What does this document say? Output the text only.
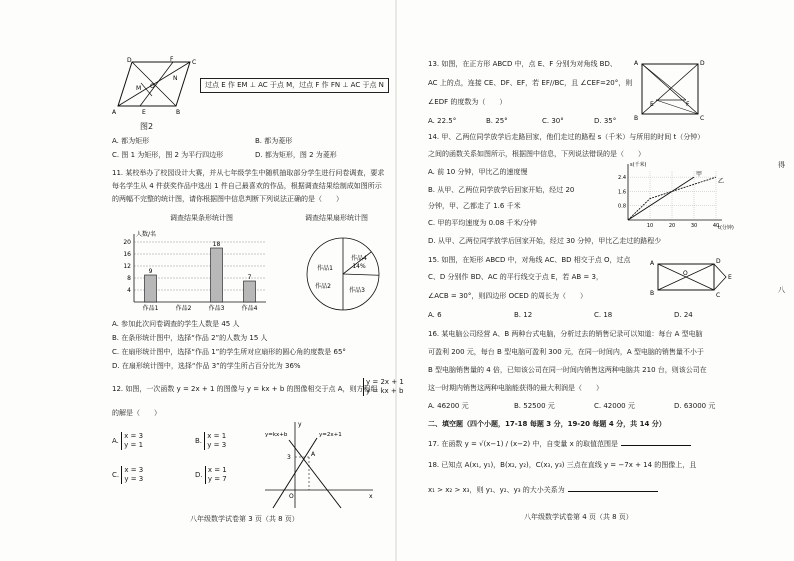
D	F	C
M O
N
A	E	B
过点 E 作 EM ⊥ AC 于点 M，过点 F 作 FN ⊥ AC 于点 N
图2
A. 都为矩形	B. 都为菱形
C. 图 1 为矩形，图 2 为平行四边形	D. 都为矩形，图 2 为菱形
11. 某校举办了校园设计大赛，并从七年级学生中随机抽取部分学生进行问卷调查，要求
每名学生从 4 件获奖作品中选出 1 件自己最喜欢的作品，根据调查结果绘制成如图所示
的两幅不完整的统计图，请你根据图中信息判断下列说法正确的是（　　）
调查结果条形统计图	调查结果扇形统计图
4
8
12
16
20
人数/名
9
作品1	作品2
18
作品3
7
作品4
作品1
作品2
作品3
作品4
14%
A. 参加此次问卷调查的学生人数是 45 人
B. 在条形统计图中，选择“作品 2”的人数为 15 人
C. 在扇形统计图中，选择“作品 1”的学生所对应扇形的圆心角的度数是 65°
D. 在扇形统计图中，选择“作品 3”的学生所占百分比为 36%
12. 如图，一次函数 y = 2x + 1 的图像与 y = kx + b 的图像相交于点 A，则方程组
y = 2x + 1
y = kx + b
的解是（　　）
A.
x = 3
y = 1	B.
x = 1
y = 3
C.
x = 3
y = 3	D.
x = 1
y = 7
y=kx+b	y=2x+1
3	A
O	x
y
八年级数学试卷第 3 页（共 8 页）
13. 如图，在正方形 ABCD 中，点 E、F 分别为对角线 BD、
AC 上的点，连接 CE、DF、EF，若 EF//BC，且 ∠CEF=20°，则
∠EDF 的度数为（　　）
A. 22.5°	B. 25°	C. 30°	D. 35°
A	D
B	C
E	F
14. 甲、乙两位同学放学后走路回家，他们走过的路程 s（千米）与所用的时间 t（分钟）
之间的函数关系如图所示，根据图中信息，下列说法错误的是（　　）
A. 前 10 分钟，甲比乙的速度慢
B. 从甲、乙两位同学放学后回家开始，经过 20
分钟，甲、乙都走了 1.6 千米
C. 甲的平均速度为 0.08 千米/分钟
D. 从甲、乙两位同学放学后回家开始，经过 30 分钟，甲比乙走过的路程少
s(千米)
t(分钟)
10	20	30	40
0.8
1.6
2.4	甲
乙
15. 如图，在矩形 ABCD 中，对角线 AC、BD 相交于点 O，过点
C、D 分别作 BD、AC 的平行线交于点 E，若 AB = 3，
∠ACB = 30°，则四边形 OCED 的周长为（　　）
A. 6	B. 12	C. 18	D. 24
A	D
B	C
O
E
16. 某电脑公司经营 A、B 两种台式电脑，分析过去的销售记录可以知道：每台 A 型电脑
可盈利 200 元，每台 B 型电脑可盈利 300 元，在同一时间内，A 型电脑的销售量不小于
B 型电脑销售量的 4 倍，已知该公司在同一时间内销售这两种电脑共 210 台，则该公司在
这一时期内销售这两种电脑能获得的最大利润是（　　）
A. 46200 元	B. 52500 元	C. 42000 元	D. 63000 元
二、填空题（四个小题，17-18 每题 3 分，19-20 每题 4 分，共 14 分）
17. 在函数 y = √(x−1) / (x−2) 中，自变量 x 的取值范围是
18. 已知点 A(x₁, y₁)，B(x₂, y₂)，C(x₃, y₃) 三点在直线 y = −7x + 14 的图像上，且
x₁ > x₂ > x₃，则 y₁、y₂、y₃ 的大小关系为
八年级数学试卷第 4 页（共 8 页）
得
八
